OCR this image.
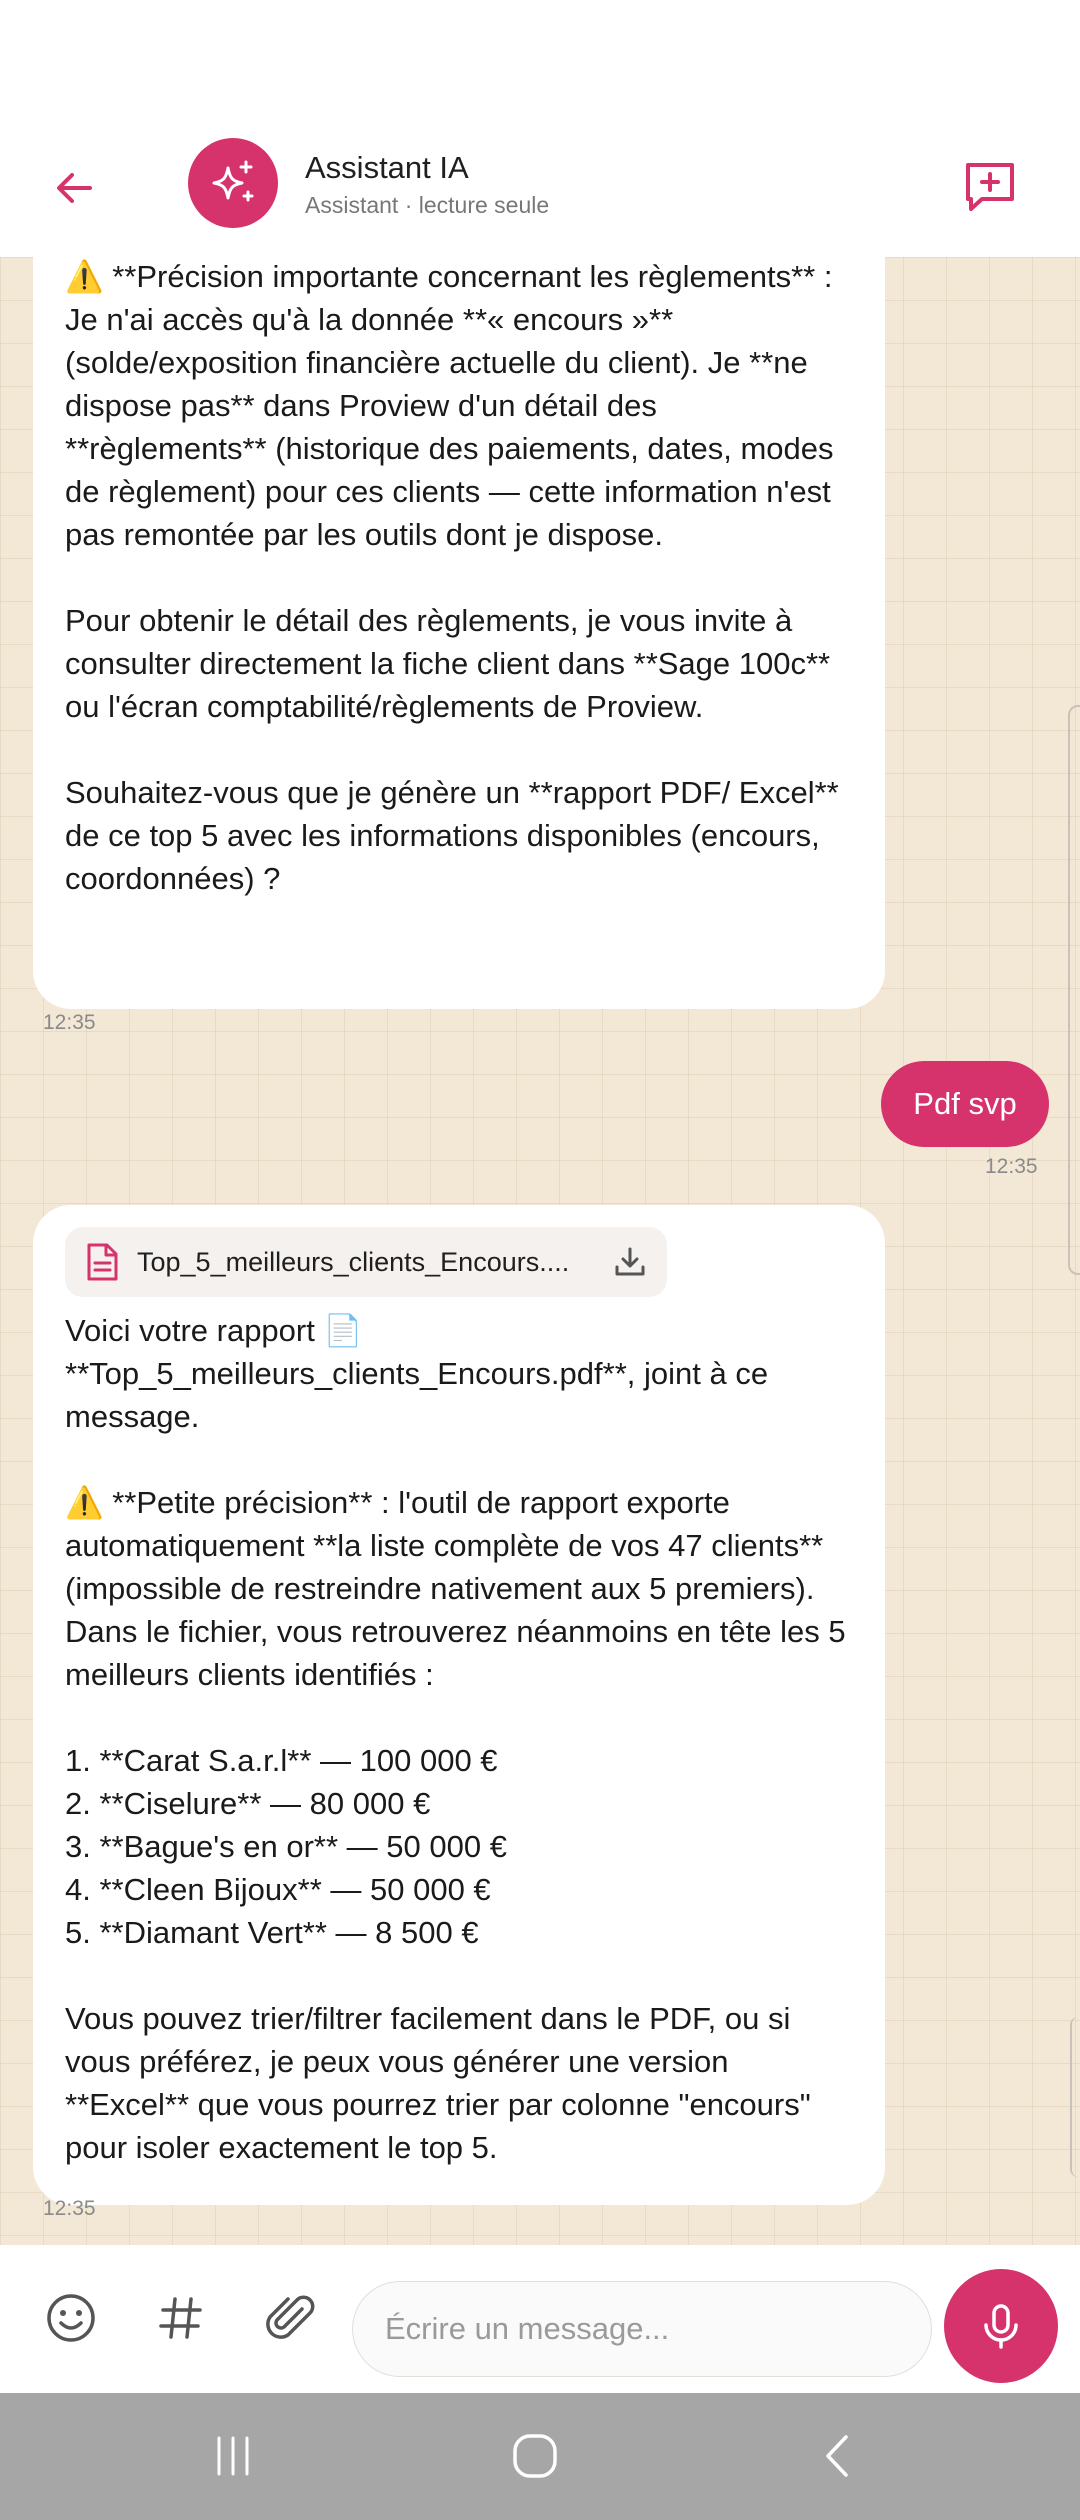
Assistant IA
Assistant · lecture seule

⚠️ **Précision importante concernant les règlements** :
Je n'ai accès qu'à la donnée **« encours »** (solde/exposition financière actuelle du client). Je **ne dispose pas** dans Proview d'un détail des **règlements** (historique des paiements, dates, modes de règlement) pour ces clients — cette information n'est pas remontée par les outils dont je dispose.

Pour obtenir le détail des règlements, je vous invite à consulter directement la fiche client dans **Sage 100c** ou l'écran comptabilité/règlements de Proview.

Souhaitez-vous que je génère un **rapport PDF/ Excel** de ce top 5 avec les informations disponibles (encours, coordonnées) ?

12:35
Pdf svp
12:35
Top_5_meilleurs_clients_Encours....

Voici votre rapport 📄
**Top_5_meilleurs_clients_Encours.pdf**, joint à ce message.

⚠️ **Petite précision** : l'outil de rapport exporte automatiquement **la liste complète de vos 47 clients** (impossible de restreindre nativement aux 5 premiers). Dans le fichier, vous retrouverez néanmoins en tête les 5 meilleurs clients identifiés :

1. **Carat S.a.r.l** — 100 000 €
2. **Ciselure** — 80 000 €
3. **Bague's en or** — 50 000 €
4. **Cleen Bijoux** — 50 000 €
5. **Diamant Vert** — 8 500 €

Vous pouvez trier/filtrer facilement dans le PDF, ou si vous préférez, je peux vous générer une version **Excel** que vous pourrez trier par colonne "encours" pour isoler exactement le top 5.

12:35
Écrire un message...
